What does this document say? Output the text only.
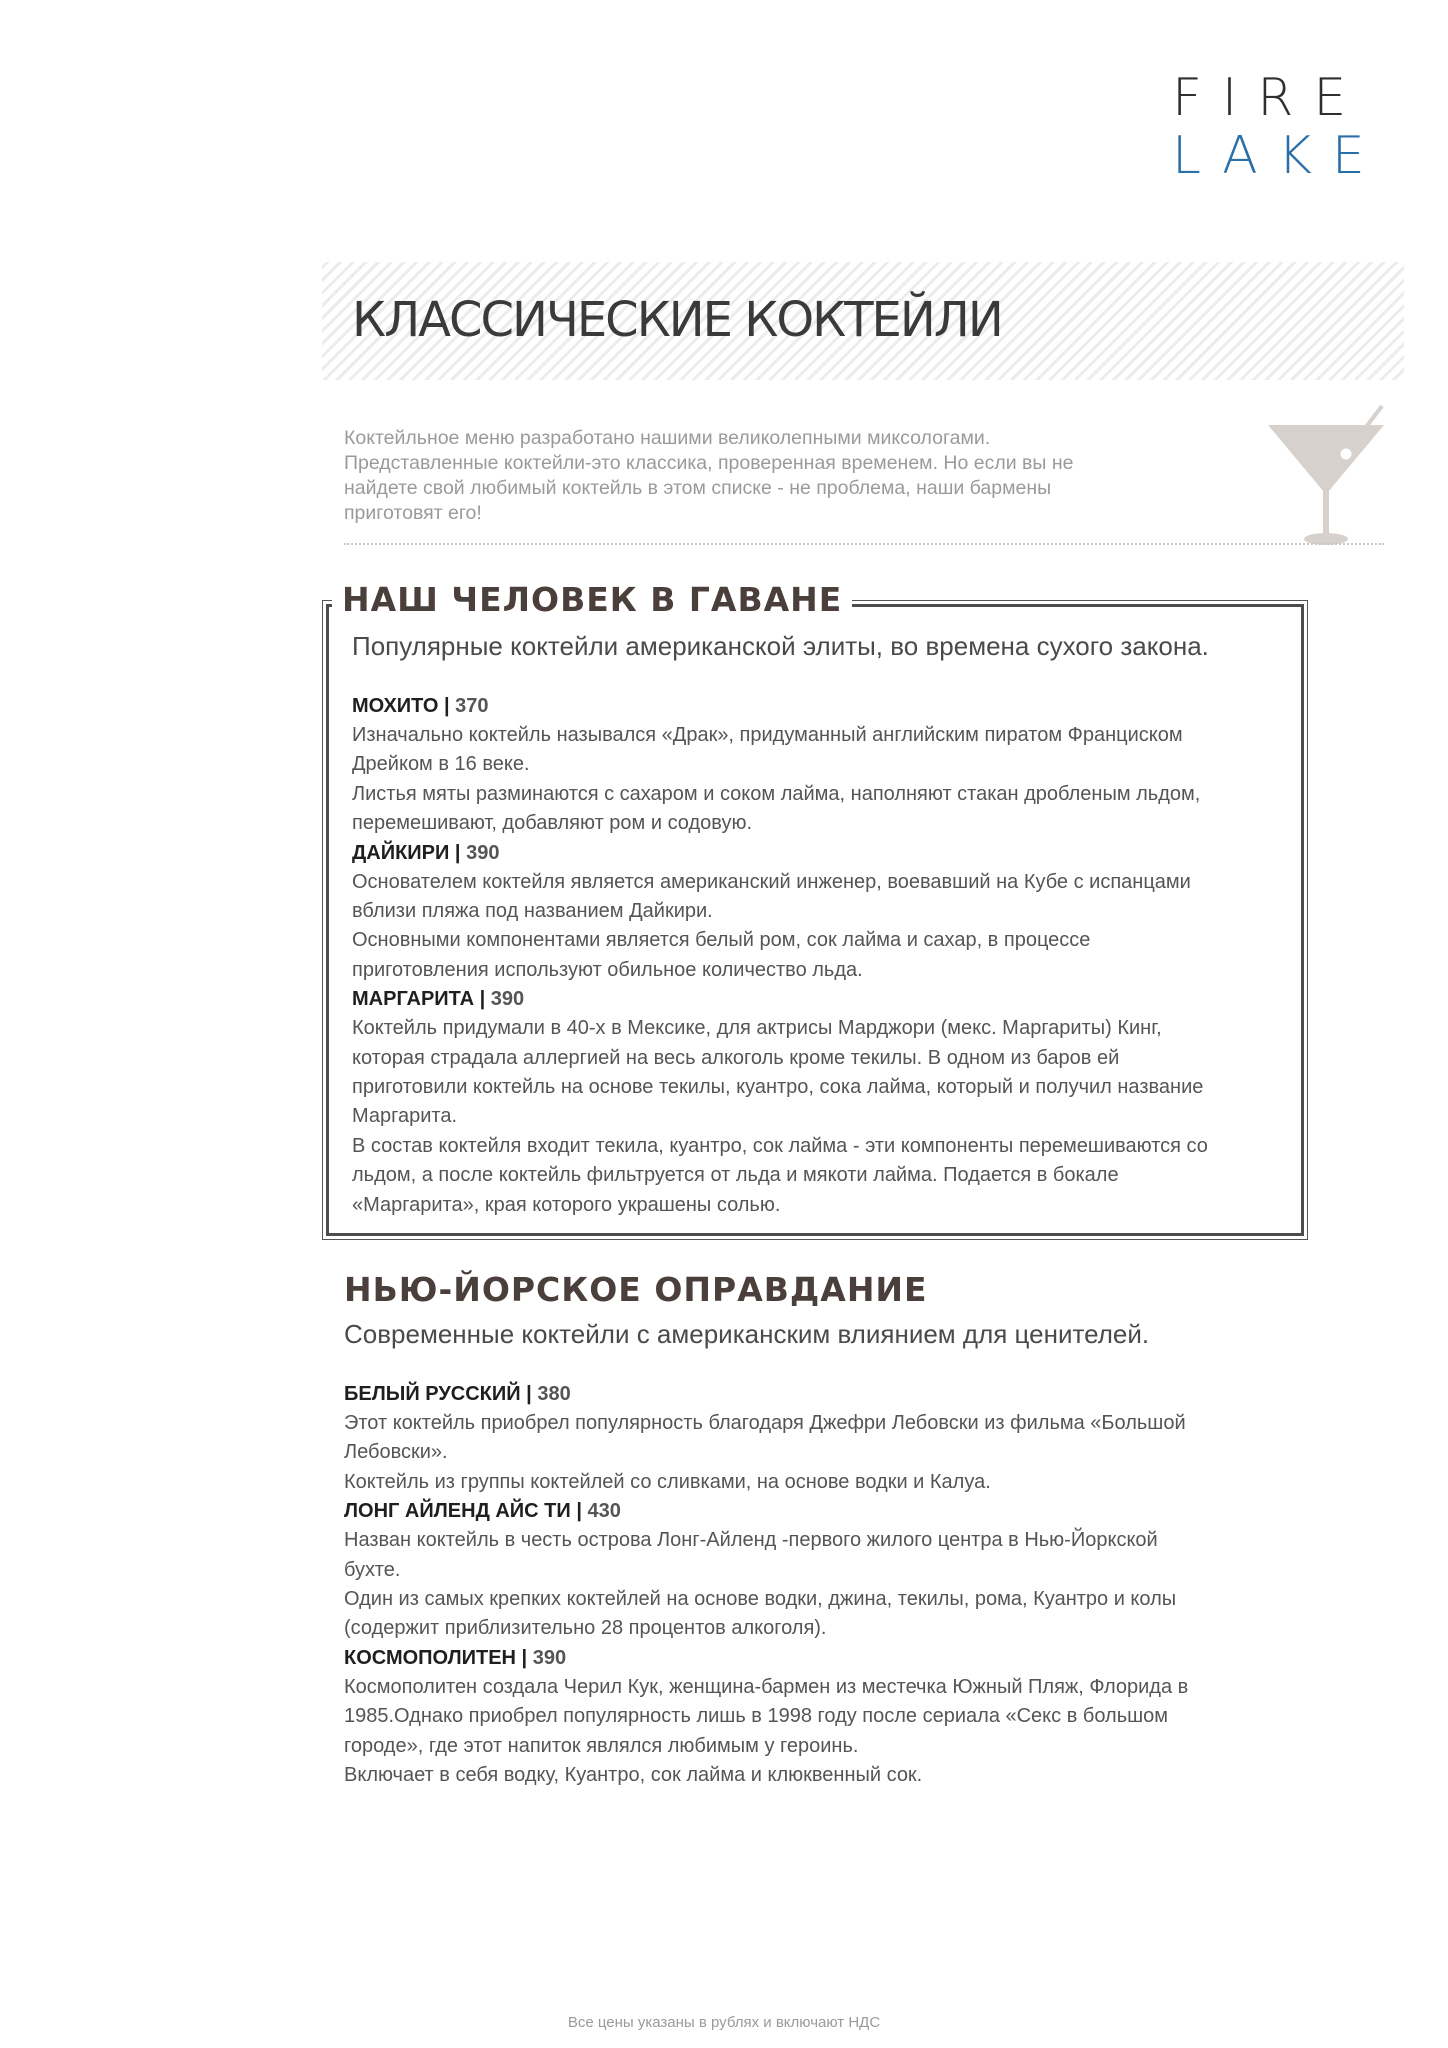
FIRE
LAKE
КЛАССИЧЕСКИЕ КОКТЕЙЛИ
Коктейльное меню разработано нашими великолепными миксологами.
Представленные коктейли-это классика, проверенная временем. Но если вы не
найдете свой любимый коктейль в этом списке - не проблема, наши бармены
приготовят его!
НАШ ЧЕЛОВЕК В ГАВАНЕ

Популярные коктейли американской элиты, во времена сухого закона.

МОХИТО | 370

Изначально коктейль назывался «Драк», придуманный английским пиратом Франциском

Дрейком в 16 веке.

Листья мяты разминаются с сахаром и соком лайма, наполняют стакан дробленым льдом,

перемешивают, добавляют ром и содовую.

ДАЙКИРИ | 390

Основателем коктейля является американский инженер, воевавший на Кубе с испанцами

вблизи пляжа под названием Дайкири.

Основными компонентами является белый ром, сок лайма и сахар, в процессе

приготовления используют обильное количество льда.

МАРГАРИТА | 390

Коктейль придумали в 40-х в Мексике, для актрисы Марджори (мекс. Маргариты) Кинг,

которая страдала аллергией на весь алкоголь кроме текилы. В одном из баров ей

приготовили коктейль на основе текилы, куантро, сока лайма, который и получил название

Маргарита.

В состав коктейля входит текила, куантро, сок лайма - эти компоненты перемешиваются со

льдом, а после коктейль фильтруется от льда и мякоти лайма. Подается в бокале

«Маргарита», края которого украшены солью.

НЬЮ-ЙОРСКОЕ ОПРАВДАНИЕ

Современные коктейли с американским влиянием для ценителей.

БЕЛЫЙ РУССКИЙ | 380

Этот коктейль приобрел популярность благодаря Джефри Лебовски из фильма «Большой

Лебовски».

Коктейль из группы коктейлей со сливками, на основе водки и Калуа.

ЛОНГ АЙЛЕНД АЙС ТИ | 430

Назван коктейль в честь острова Лонг-Айленд -первого жилого центра в Нью-Йоркской

бухте.

Один из самых крепких коктейлей на основе водки, джина, текилы, рома, Куантро и колы

(содержит приблизительно 28 процентов алкоголя).

КОСМОПОЛИТЕН | 390

Космополитен создала Черил Кук, женщина-бармен из местечка Южный Пляж, Флорида в

1985.Однако приобрел популярность лишь в 1998 году после сериала «Секс в большом

городе», где этот напиток являлся любимым у героинь.

Включает в себя водку, Куантро, сок лайма и клюквенный сок.

Все цены указаны в рублях и включают НДС
